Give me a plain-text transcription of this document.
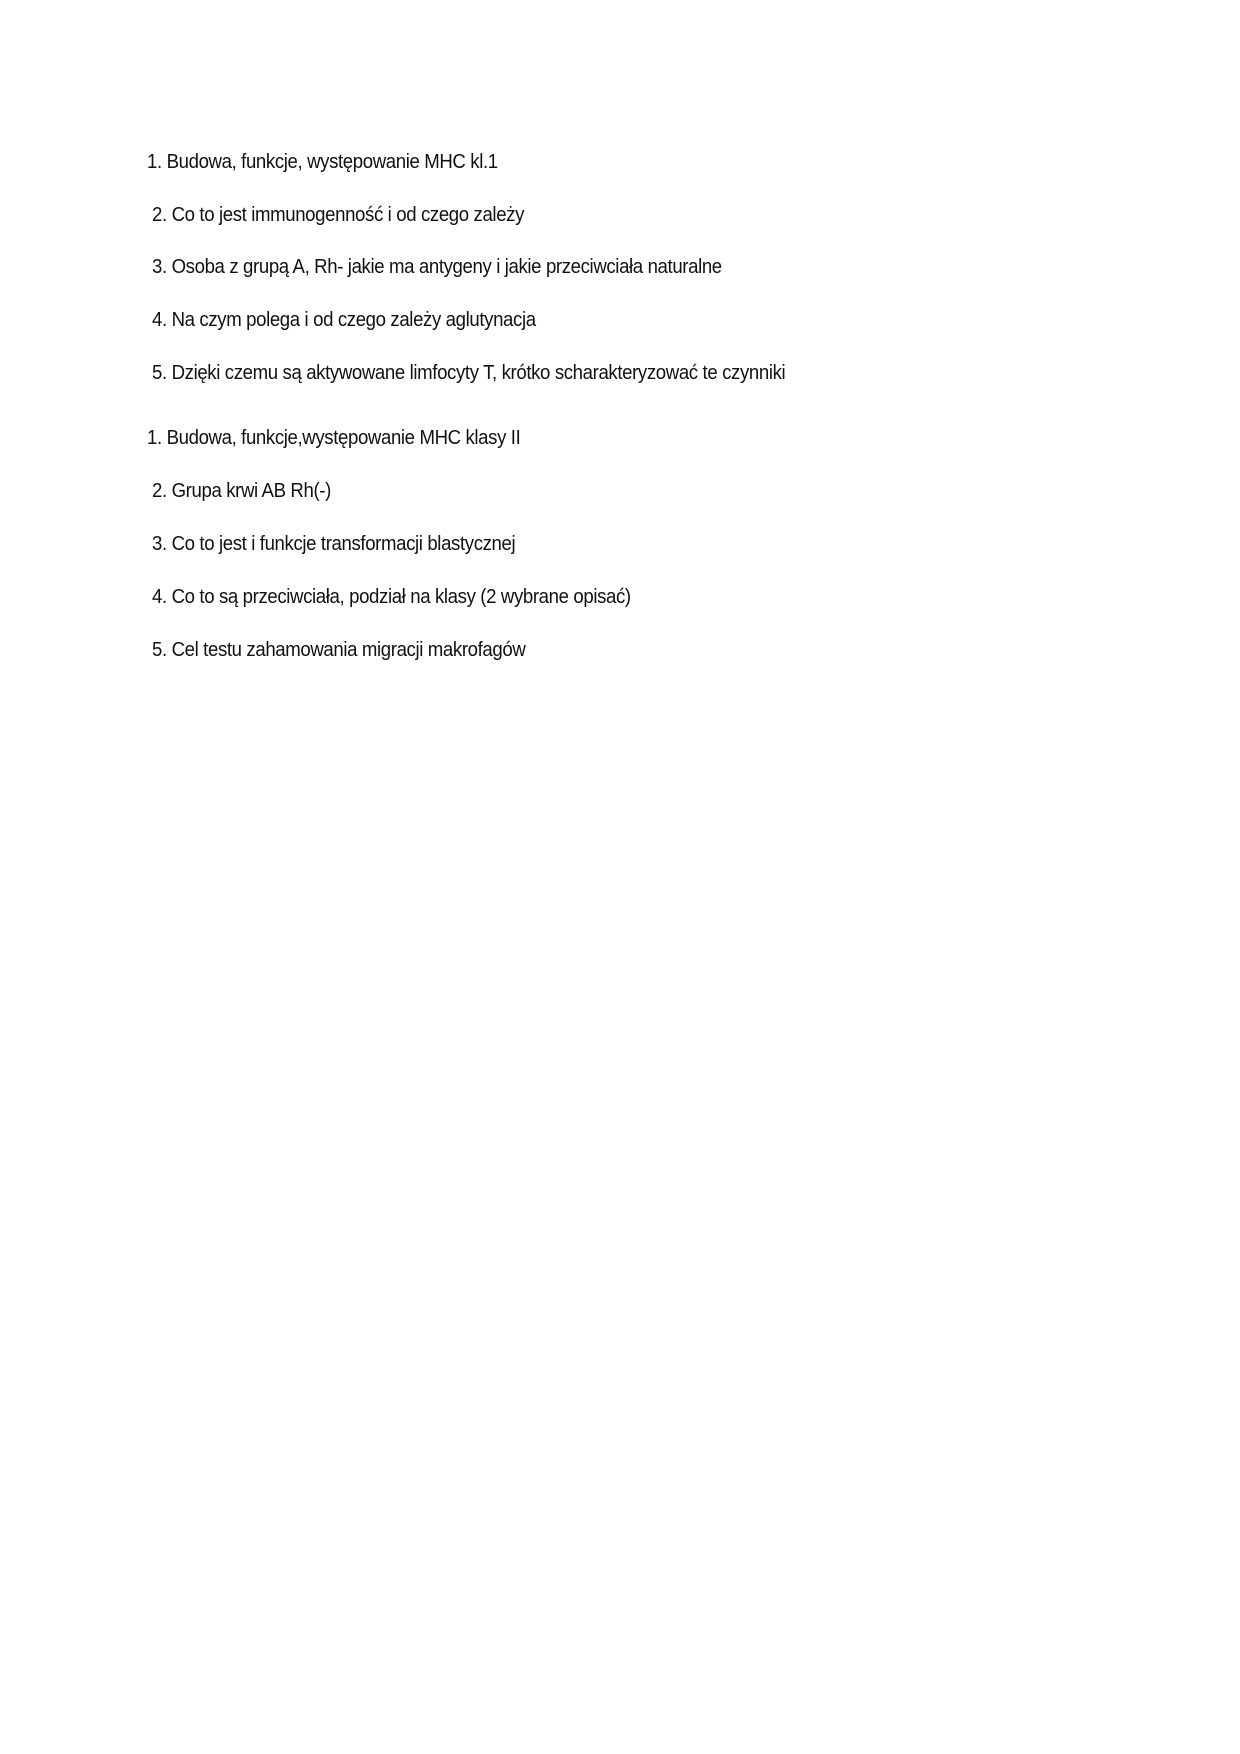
1. Budowa, funkcje, występowanie MHC kl.1
2. Co to jest immunogenność i od czego zależy
3. Osoba z grupą A, Rh- jakie ma antygeny i jakie przeciwciała naturalne
4. Na czym polega i od czego zależy aglutynacja
5. Dzięki czemu są aktywowane limfocyty T, krótko scharakteryzować te czynniki
1. Budowa, funkcje,występowanie MHC klasy II
2. Grupa krwi AB Rh(-)
3. Co to jest i funkcje transformacji blastycznej
4. Co to są przeciwciała, podział na klasy (2 wybrane opisać)
5. Cel testu zahamowania migracji makrofagów
